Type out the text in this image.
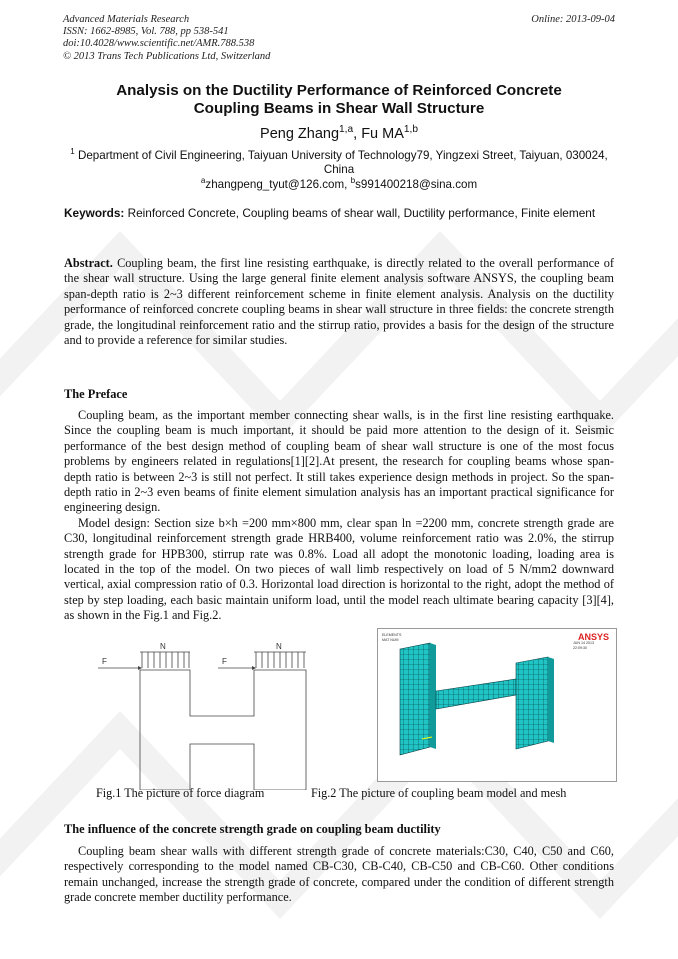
Advanced Materials Research
ISSN: 1662-8985, Vol. 788, pp 538-541
doi:10.4028/www.scientific.net/AMR.788.538
© 2013 Trans Tech Publications Ltd, Switzerland
Online: 2013-09-04
Analysis on the Ductility Performance of Reinforced Concrete
Coupling Beams in Shear Wall Structure
Peng Zhang$^{1,a}$, Fu MA$^{1,b}$
$^1$ Department of Civil Engineering, Taiyuan University of Technology79, Yingzexi Street, Taiyuan, 030024, China
$^a$zhangpeng_tyut@126.com, $^b$s991400218@sina.com
Keywords: Reinforced Concrete, Coupling beams of shear wall, Ductility performance, Finite element
Abstract. Coupling beam, the first line resisting earthquake, is directly related to the overall performance of the shear wall structure. Using the large general finite element analysis software ANSYS, the coupling beam span-depth ratio is 2~3 different reinforcement scheme in finite element analysis. Analysis on the ductility performance of reinforced concrete coupling beams in shear wall structure in three fields: the concrete strength grade, the longitudinal reinforcement ratio and the stirrup ratio, provides a basis for the design of the structure and to provide a reference for similar studies.
The Preface

Coupling beam, as the important member connecting shear walls, is in the first line resisting earthquake. Since the coupling beam is much important, it should be paid more attention to the design of it. Seismic performance of the best design method of coupling beam of shear wall structure is one of the most focus problems by engineers related in regulations[1][2].At present, the research for coupling beams whose span-depth ratio is between 2~3 is still not perfect. It still takes experience design methods in project. So the span-depth ratio in 2~3 even beams of finite element simulation analysis has an important practical significance for engineering design.

Model design: Section size b×h =200 mm×800 mm, clear span ln =2200 mm, concrete strength grade are C30, longitudinal reinforcement strength grade HRB400, volume reinforcement ratio was 2.0%, the stirrup strength grade for HPB300, stirrup rate was 0.8%. Load all adopt the monotonic loading, loading area is located in the top of the model. On two pieces of wall limb respectively on load of 5 N/mm2 downward vertical, axial compression ratio of 0.3. Horizontal load direction is horizontal to the right, adopt the method of step by step loading, each basic maintain uniform load, until the model reach ultimate bearing capacity [3][4], as shown in the Fig.1 and Fig.2.

N	N
F	F
Fig.1 The picture of force diagram
ELEMENTS
MAT NUM
JUN 14 2013
22:09:30
ANSYS
Fig.2 The picture of coupling beam model and mesh
The influence of the concrete strength grade on coupling beam ductility

Coupling beam shear walls with different strength grade of concrete materials:C30, C40, C50 and C60, respectively corresponding to the model named CB-C30, CB-C40, CB-C50 and CB-C60. Other conditions remain unchanged, increase the strength grade of concrete, compared under the condition of different strength grade concrete member ductility performance.
